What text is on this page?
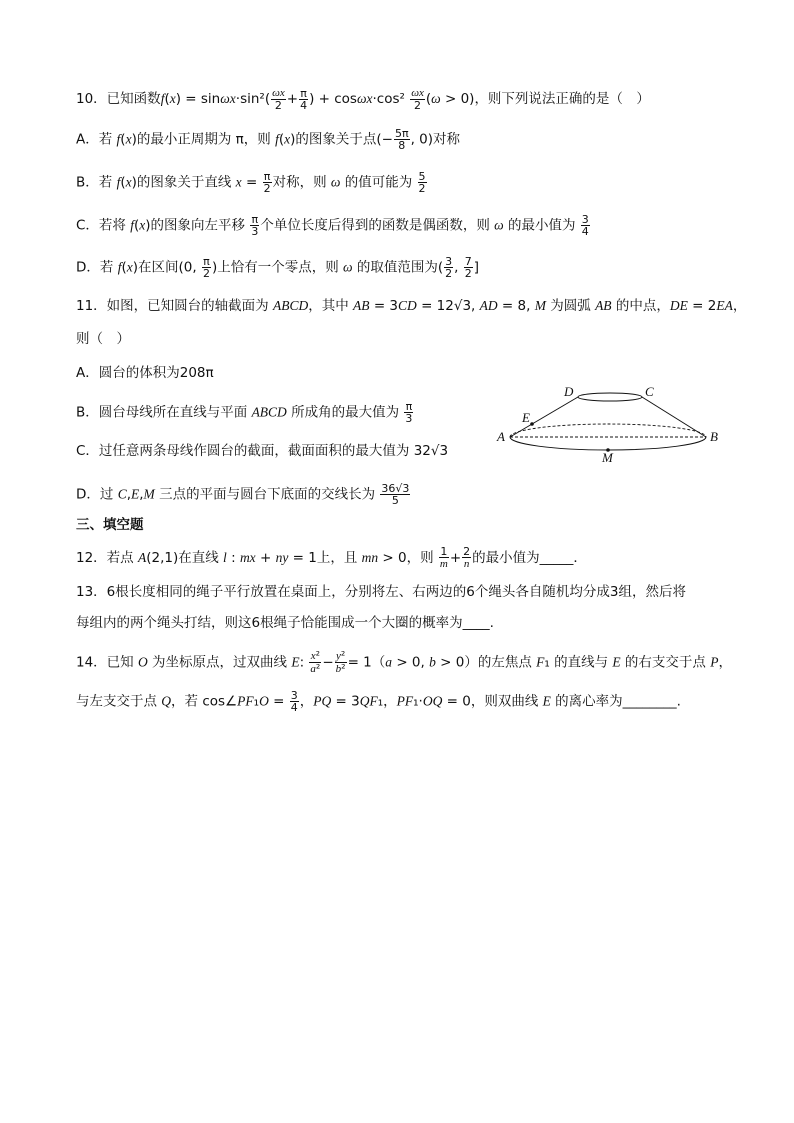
10．已知函数$f(x) = \sin\omega x\cdot\sin^2( \frac{\omega x}{2} + \frac{\pi}{4}$ ) + $\cos\omega x\cdot\cos^2 \frac{\omega x}{2} (\omega > 0)$，则下列说法正确的是（　）
A．若 f(x)的最小正周期为 π，则 f(x)的图象关于点(− $\frac{5\pi}{8}$ , 0)对称
B．若 f(x)的图象关于直线 $x = \frac{\pi}{2}$ 对称，则 ω 的值可能为 $\frac{5}{2}$
C．若将 f(x)的图象向左平移 $\frac{\pi}{3}$ 个单位长度后得到的函数是偶函数，则 ω 的最小值为 $\frac{3}{4}$
D．若 f(x)在区间(0, $\frac{\pi}{2}$ )上恰有一个零点，则 ω 的取值范围为( $\frac{3}{2}$ , $\frac{7}{2}$ ]
11．如图，已知圆台的轴截面为 ABCD，其中 AB = 3CD = 12√3, AD = 8, M 为圆弧 AB 的中点，DE = 2EA，
则（　）
A．圆台的体积为208π
B．圆台母线所在直线与平面 ABCD 所成角的最大值为 $\frac{\pi}{3}$
C．过任意两条母线作圆台的截面，截面面积的最大值为 32√3
D．过 C,E,M 三点的平面与圆台下底面的交线长为 $\frac{36√3}{5}$
D	C
E
A	B
M
三、填空题
12．若点 A(2,1)在直线 l : mx + ny = 1上，且 mn > 0，则 $\frac{1}{m} + \frac{2}{n}$ 的最小值为_____．
13．6根长度相同的绳子平行放置在桌面上，分别将左、右两边的6个绳头各自随机均分成3组，然后将
每组内的两个绳头打结，则这6根绳子恰能围成一个大圈的概率为____.
14．已知 O 为坐标原点，过双曲线 E: $\frac{\text{x²}}{\text{a²}} - \frac{\text{y²}}{\text{b²}} = 1(a > 0$, b > 0）的左焦点 F₁ 的直线与 E 的右支交于点 P，
与左支交于点 Q，若 cos∠PF₁O = $\frac{3}{4}$ ，PQ = 3QF₁，PF₁·OQ = 0，则双曲线 E 的离心率为________.
